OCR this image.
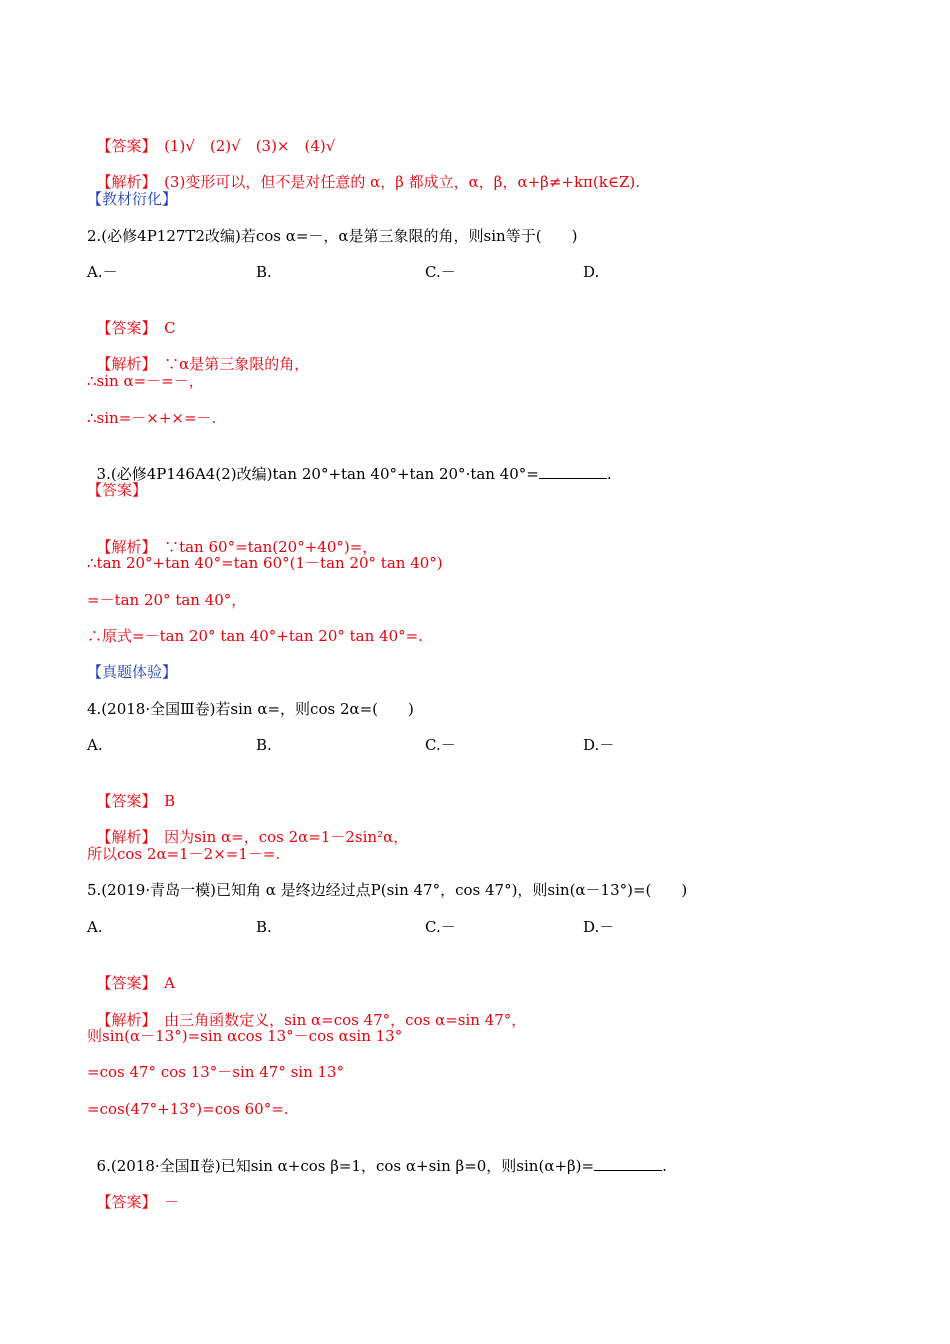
【答案】　 (1)√　(2)√　(3)×　(4)√

【解析】　 (3)变形可以，但不是对任意的 α，β 都成立，α，β，α+β≠+kπ(k∈Z).

【教材衍化】
2.(必修4P127T2改编)若cos α=－，α是第三象限的角，则sin等于(　　)
A.－	B.	C.－	D.

【答案】　 C

【解析】　 ∵α是第三象限的角，

∴sin α=－=－，
∴sin=－×+×=－.

3.(必修4P146A4(2)改编)tan 20°+tan 40°+tan 20°·tan 40°=	.

【答案】

【解析】　 ∵tan 60°=tan(20°+40°)=，

∴tan 20°+tan 40°=tan 60°(1－tan 20° tan 40°)
=－tan 20° tan 40°，
∴原式=－tan 20° tan 40°+tan 20° tan 40°=.
【真题体验】
4.(2018·全国Ⅲ卷)若sin α=，则cos 2α=(　　)
A.	B.	C.－	D.－

【答案】　 B

【解析】　 因为sin α=，cos 2α=1－2sin²α，

所以cos 2α=1－2×=1－=.
5.(2019·青岛一模)已知角 α 是终边经过点P(sin 47°，cos 47°)，则sin(α－13°)=(　　)
A.	B.	C.－	D.－

【答案】　 A

【解析】　 由三角函数定义，sin α=cos 47°，cos α=sin 47°，

则sin(α－13°)=sin αcos 13°－cos αsin 13°
=cos 47° cos 13°－sin 47° sin 13°
=cos(47°+13°)=cos 60°=.

6.(2018·全国Ⅱ卷)已知sin α+cos β=1，cos α+sin β=0，则sin(α+β)=	.

【答案】　 －
